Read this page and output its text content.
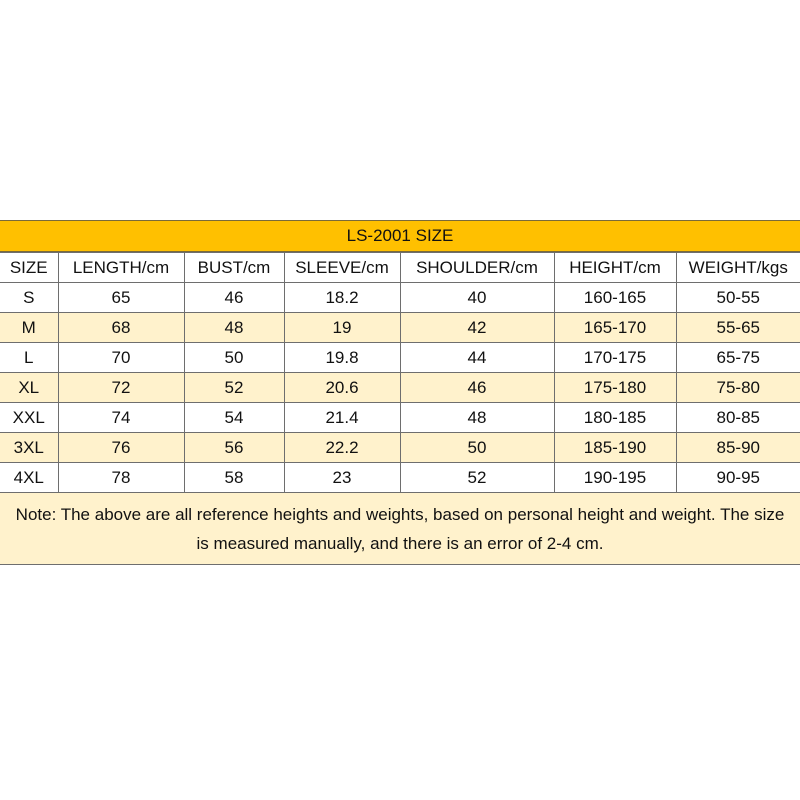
LS-2001 SIZE
SIZE	LENGTH/cm	BUST/cm	SLEEVE/cm	SHOULDER/cm	HEIGHT/cm	WEIGHT/kgs
S	65	46	18.2	40	160-165	50-55
M	68	48	19	42	165-170	55-65
L	70	50	19.8	44	170-175	65-75
XL	72	52	20.6	46	175-180	75-80
XXL	74	54	21.4	48	180-185	80-85
3XL	76	56	22.2	50	185-190	85-90
4XL	78	58	23	52	190-195	90-95
Note: The above are all reference heights and weights, based on personal height and weight. The size is measured manually, and there is an error of 2-4 cm.
